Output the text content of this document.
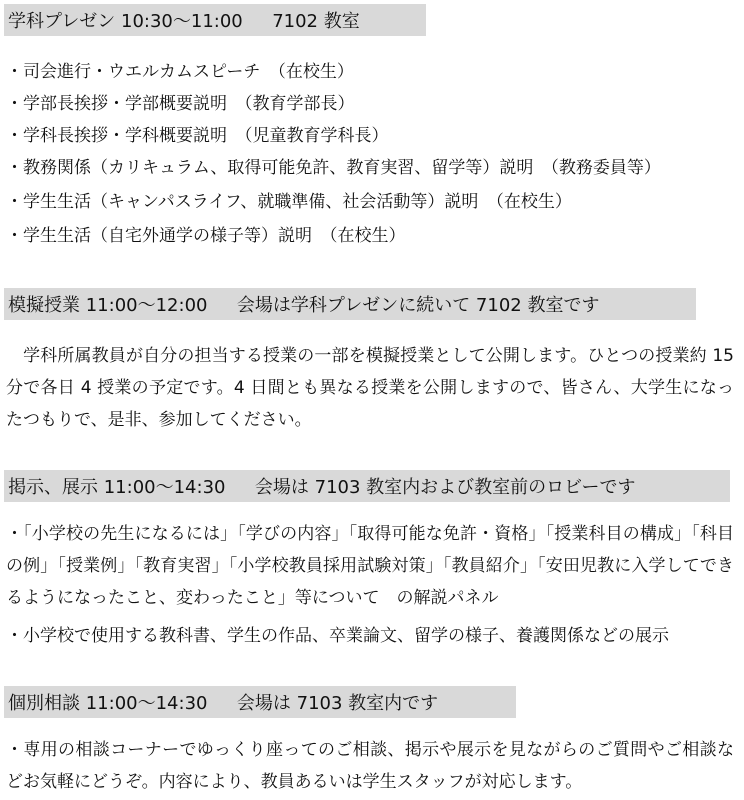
学科プレゼン 10:30～11:00 　 7102 教室
・司会進行・ウエルカムスピーチ　（在校生）
・学部長挨拶・学部概要説明　（教育学部長）
・学科長挨拶・学科概要説明　（児童教育学科長）
・教務関係（カリキュラム、取得可能免許、教育実習、留学等）説明　（教務委員等）
・学生生活（キャンパスライフ、就職準備、社会活動等）説明　（在校生）
・学生生活（自宅外通学の様子等）説明　（在校生）
模擬授業 11:00～12:00 　 会場は学科プレゼンに続いて 7102 教室です
　学科所属教員が自分の担当する授業の一部を模擬授業として公開します。ひとつの授業約 15 分で各日 4 授業の予定です。4 日間とも異なる授業を公開しますので、皆さん、大学生になったつもりで、是非、参加してください。
掲示、展示 11:00～14:30 　 会場は 7103 教室内および教室前のロビーです
・「小学校の先生になるには」「学びの内容」「取得可能な免許・資格」「授業科目の構成」「科目の例」「授業例」「教育実習」「小学校教員採用試験対策」「教員紹介」「安田児教に入学してできるようになったこと、変わったこと」等について　の解説パネル
・小学校で使用する教科書、学生の作品、卒業論文、留学の様子、養護関係などの展示
個別相談 11:00～14:30 　 会場は 7103 教室内です
・専用の相談コーナーでゆっくり座ってのご相談、掲示や展示を見ながらのご質問やご相談などお気軽にどうぞ。内容により、教員あるいは学生スタッフが対応します。
